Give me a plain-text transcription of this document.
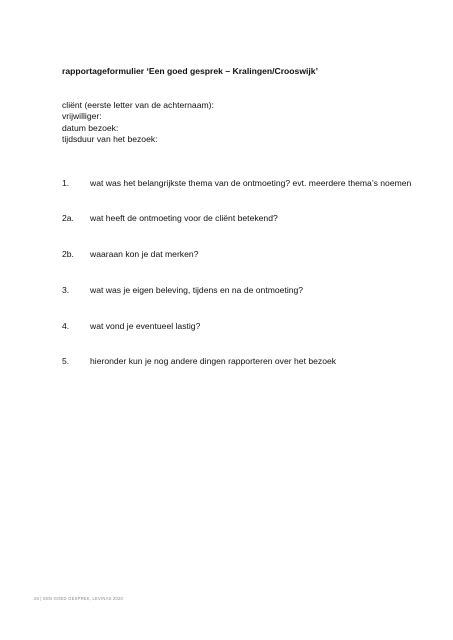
rapportageformulier ‘Een goed gesprek – Kralingen/Crooswijk’
cliënt (eerste letter van de achternaam):
vrijwilliger:
datum bezoek:
tijdsduur van het bezoek:
1. wat was het belangrijkste thema van de ontmoeting? evt. meerdere thema’s noemen
2a. wat heeft de ontmoeting voor de cliënt betekend?
2b. waaraan kon je dat merken?
3. wat was je eigen beleving, tijdens en na de ontmoeting?
4. wat vond je eventueel lastig?
5. hieronder kun je nog andere dingen rapporteren over het bezoek
28 | EEN GOED GESPREK, LEVINAS 2020
